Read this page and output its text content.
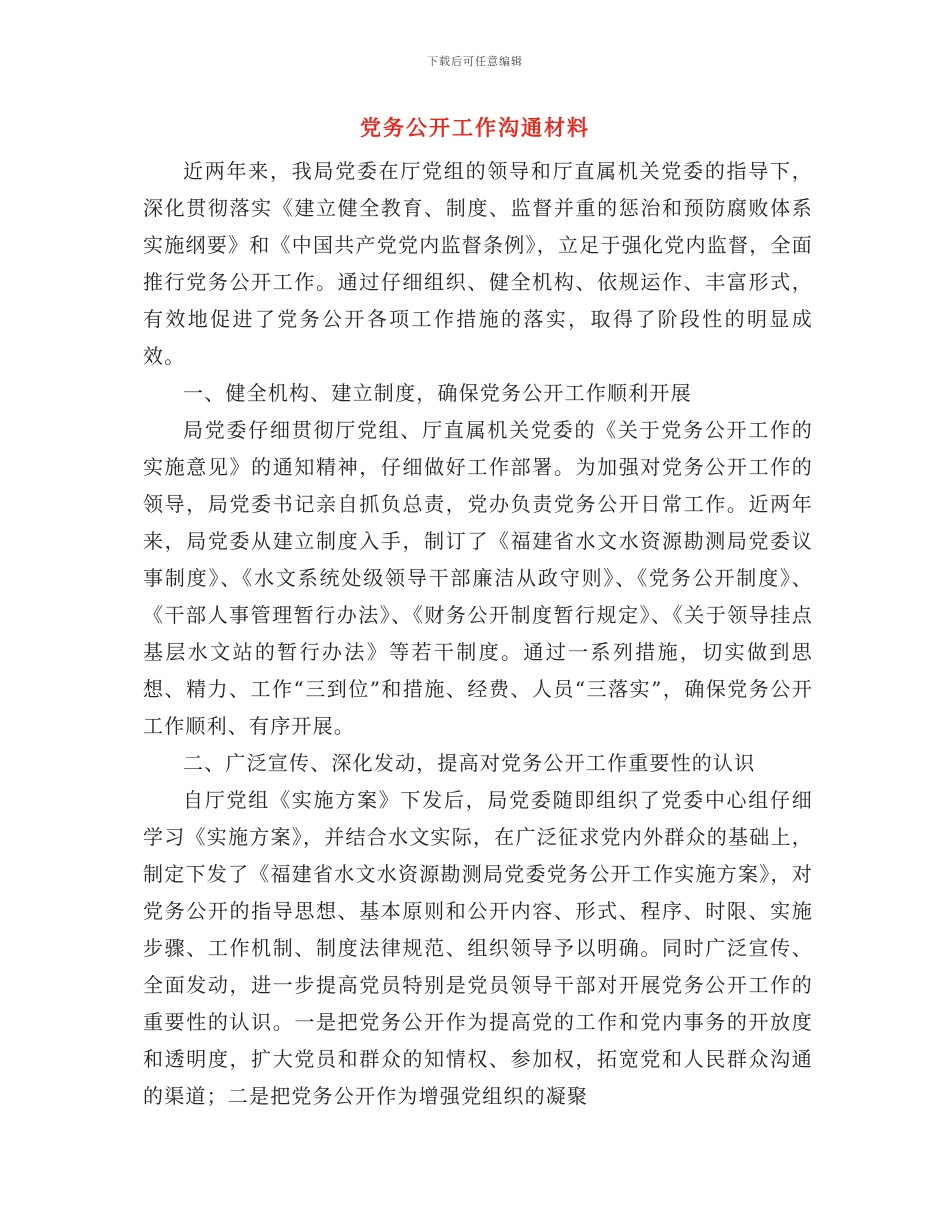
下载后可任意编辑
党务公开工作沟通材料

近两年来，我局党委在厅党组的领导和厅直属机关党委的指导下，深化贯彻落实《建立健全教育、制度、监督并重的惩治和预防腐败体系实施纲要》和《中国共产党党内监督条例》，立足于强化党内监督，全面推行党务公开工作。通过仔细组织、健全机构、依规运作、丰富形式，有效地促进了党务公开各项工作措施的落实，取得了阶段性的明显成效。

一、健全机构、建立制度，确保党务公开工作顺利开展

局党委仔细贯彻厅党组、厅直属机关党委的《关于党务公开工作的实施意见》的通知精神，仔细做好工作部署。为加强对党务公开工作的领导，局党委书记亲自抓负总责，党办负责党务公开日常工作。近两年来，局党委从建立制度入手，制订了《福建省水文水资源勘测局党委议事制度》、《水文系统处级领导干部廉洁从政守则》、《党务公开制度》、《干部人事管理暂行办法》、《财务公开制度暂行规定》、《关于领导挂点基层水文站的暂行办法》等若干制度。通过一系列措施，切实做到思想、精力、工作“三到位”和措施、经费、人员“三落实”，确保党务公开工作顺利、有序开展。

二、广泛宣传、深化发动，提高对党务公开工作重要性的认识

自厅党组《实施方案》下发后，局党委随即组织了党委中心组仔细学习《实施方案》，并结合水文实际，在广泛征求党内外群众的基础上，制定下发了《福建省水文水资源勘测局党委党务公开工作实施方案》，对党务公开的指导思想、基本原则和公开内容、形式、程序、时限、实施步骤、工作机制、制度法律规范、组织领导予以明确。同时广泛宣传、全面发动，进一步提高党员特别是党员领导干部对开展党务公开工作的重要性的认识。一是把党务公开作为提高党的工作和党内事务的开放度和透明度，扩大党员和群众的知情权、参加权，拓宽党和人民群众沟通的渠道；二是把党务公开作为增强党组织的凝聚
